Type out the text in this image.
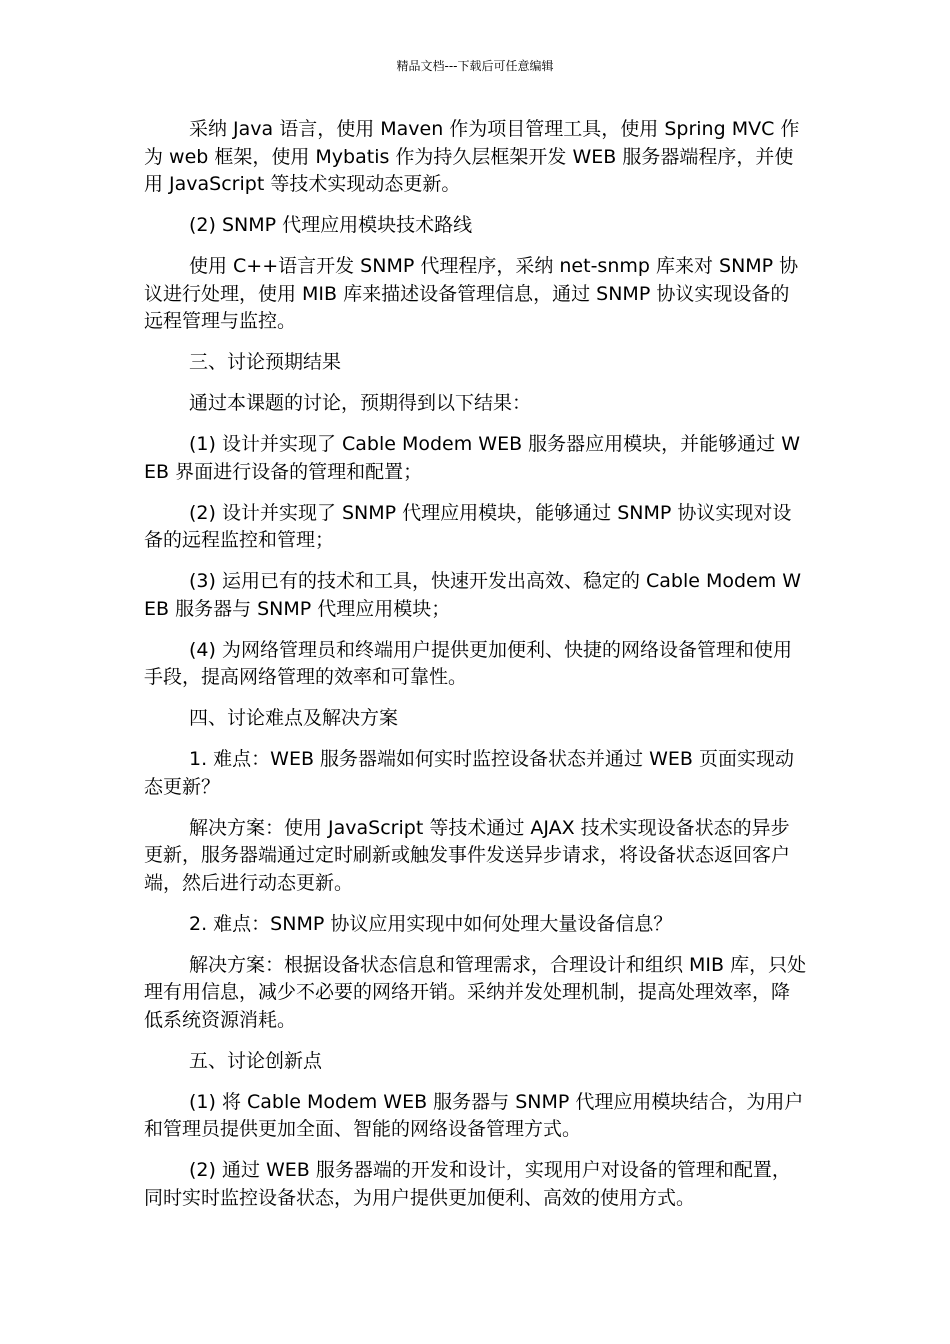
精品文档---下载后可任意编辑

采纳 Java 语言，使用 Maven 作为项目管理工具，使用 Spring MVC 作为 web 框架，使用 Mybatis 作为持久层框架开发 WEB 服务器端程序，并使用 JavaScript 等技术实现动态更新。

(2) SNMP 代理应用模块技术路线

使用 C++语言开发 SNMP 代理程序，采纳 net-snmp 库来对 SNMP 协议进行处理，使用 MIB 库来描述设备管理信息，通过 SNMP 协议实现设备的远程管理与监控。

三、讨论预期结果

通过本课题的讨论，预期得到以下结果：

(1) 设计并实现了 Cable Modem WEB 服务器应用模块，并能够通过 WEB 界面进行设备的管理和配置；

(2) 设计并实现了 SNMP 代理应用模块，能够通过 SNMP 协议实现对设备的远程监控和管理；

(3) 运用已有的技术和工具，快速开发出高效、稳定的 Cable Modem WEB 服务器与 SNMP 代理应用模块；

(4) 为网络管理员和终端用户提供更加便利、快捷的网络设备管理和使用手段，提高网络管理的效率和可靠性。

四、讨论难点及解决方案

1. 难点：WEB 服务器端如何实时监控设备状态并通过 WEB 页面实现动态更新？

解决方案：使用 JavaScript 等技术通过 AJAX 技术实现设备状态的异步更新，服务器端通过定时刷新或触发事件发送异步请求，将设备状态返回客户端，然后进行动态更新。

2. 难点：SNMP 协议应用实现中如何处理大量设备信息？

解决方案：根据设备状态信息和管理需求，合理设计和组织 MIB 库，只处理有用信息，减少不必要的网络开销。采纳并发处理机制，提高处理效率，降低系统资源消耗。

五、讨论创新点

(1) 将 Cable Modem WEB 服务器与 SNMP 代理应用模块结合，为用户和管理员提供更加全面、智能的网络设备管理方式。

(2) 通过 WEB 服务器端的开发和设计，实现用户对设备的管理和配置，同时实时监控设备状态，为用户提供更加便利、高效的使用方式。
